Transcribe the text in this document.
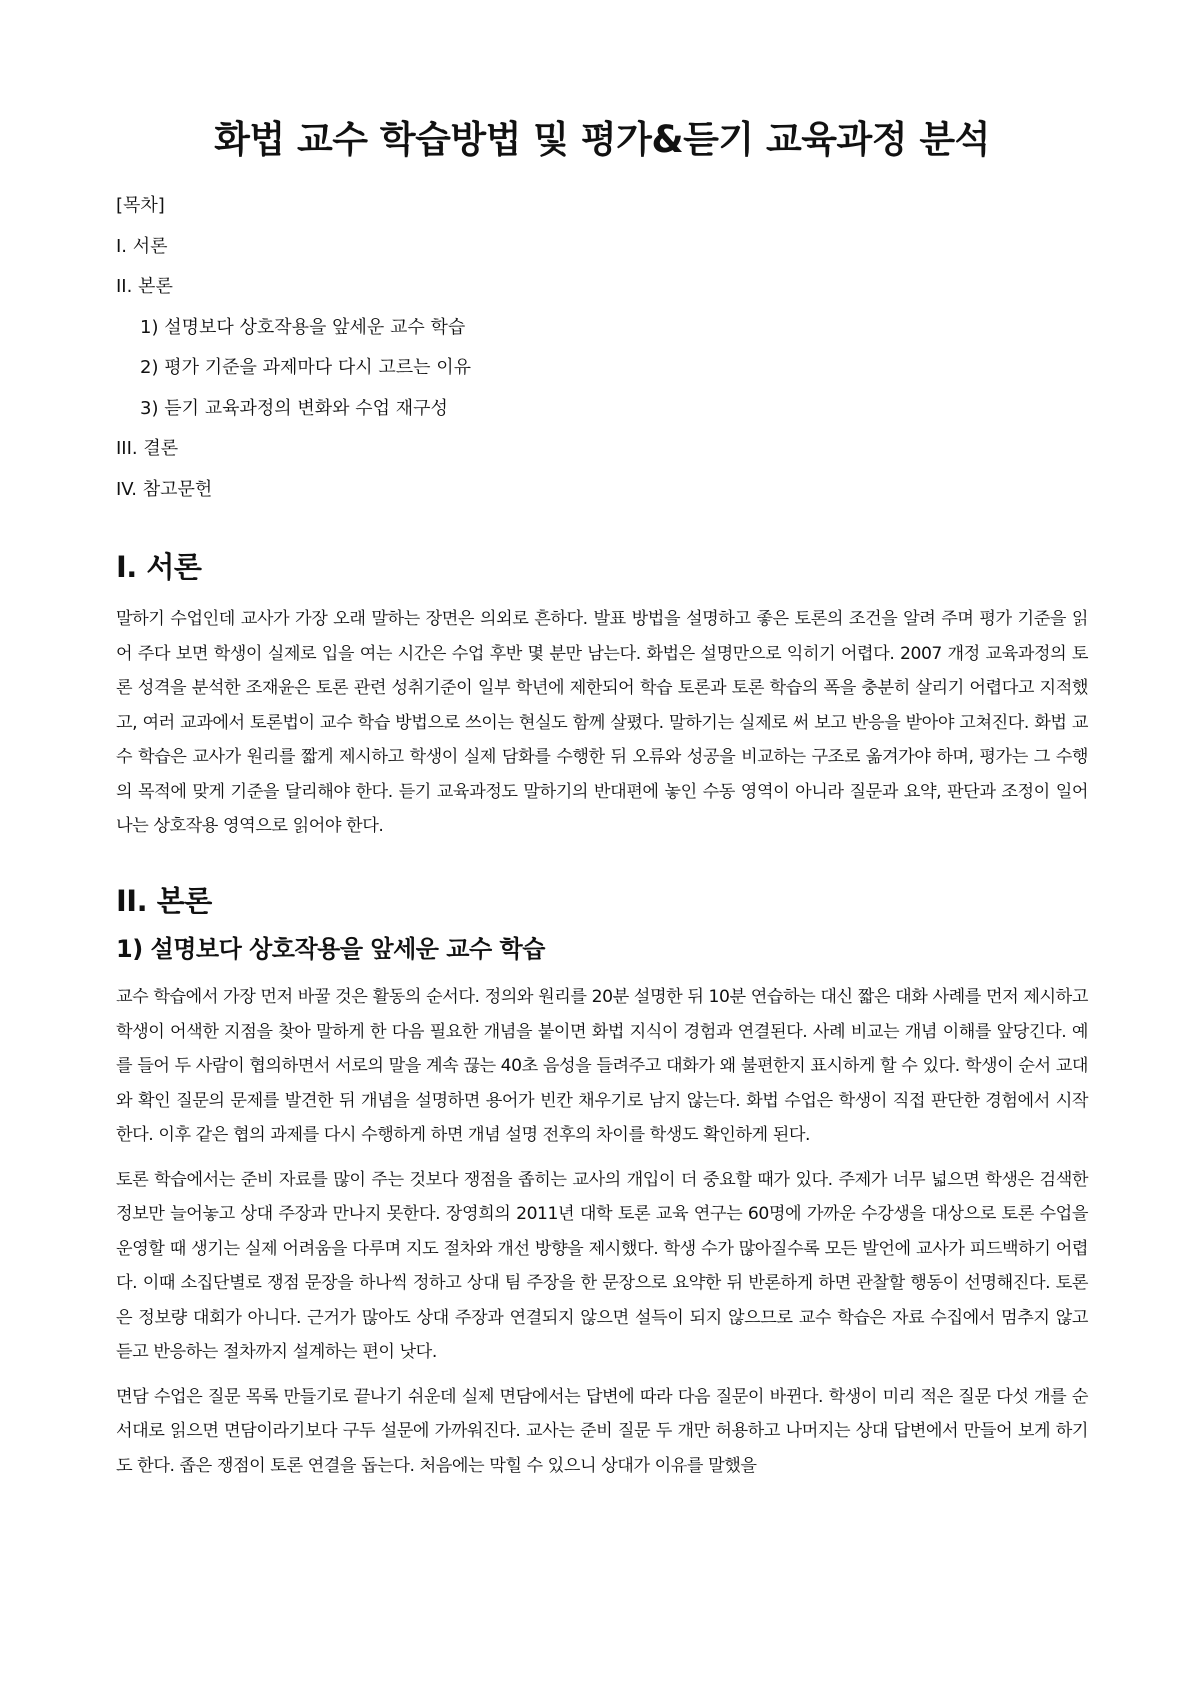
화법 교수 학습방법 및 평가&듣기 교육과정 분석
[목차]
I. 서론
II. 본론
1) 설명보다 상호작용을 앞세운 교수 학습
2) 평가 기준을 과제마다 다시 고르는 이유
3) 듣기 교육과정의 변화와 수업 재구성
III. 결론
IV. 참고문헌
I. 서론

말하기 수업인데 교사가 가장 오래 말하는 장면은 의외로 흔하다. 발표 방법을 설명하고 좋은 토론의 조건을 알려 주며 평가 기준을 읽어 주다 보면 학생이 실제로 입을 여는 시간은 수업 후반 몇 분만 남는다. 화법은 설명만으로 익히기 어렵다. 2007 개정 교육과정의 토론 성격을 분석한 조재윤은 토론 관련 성취기준이 일부 학년에 제한되어 학습 토론과 토론 학습의 폭을 충분히 살리기 어렵다고 지적했고, 여러 교과에서 토론법이 교수 학습 방법으로 쓰이는 현실도 함께 살폈다. 말하기는 실제로 써 보고 반응을 받아야 고쳐진다. 화법 교수 학습은 교사가 원리를 짧게 제시하고 학생이 실제 담화를 수행한 뒤 오류와 성공을 비교하는 구조로 옮겨가야 하며, 평가는 그 수행의 목적에 맞게 기준을 달리해야 한다. 듣기 교육과정도 말하기의 반대편에 놓인 수동 영역이 아니라 질문과 요약, 판단과 조정이 일어나는 상호작용 영역으로 읽어야 한다.

II. 본론
1) 설명보다 상호작용을 앞세운 교수 학습

교수 학습에서 가장 먼저 바꿀 것은 활동의 순서다. 정의와 원리를 20분 설명한 뒤 10분 연습하는 대신 짧은 대화 사례를 먼저 제시하고 학생이 어색한 지점을 찾아 말하게 한 다음 필요한 개념을 붙이면 화법 지식이 경험과 연결된다. 사례 비교는 개념 이해를 앞당긴다. 예를 들어 두 사람이 협의하면서 서로의 말을 계속 끊는 40초 음성을 들려주고 대화가 왜 불편한지 표시하게 할 수 있다. 학생이 순서 교대와 확인 질문의 문제를 발견한 뒤 개념을 설명하면 용어가 빈칸 채우기로 남지 않는다. 화법 수업은 학생이 직접 판단한 경험에서 시작한다. 이후 같은 협의 과제를 다시 수행하게 하면 개념 설명 전후의 차이를 학생도 확인하게 된다.

토론 학습에서는 준비 자료를 많이 주는 것보다 쟁점을 좁히는 교사의 개입이 더 중요할 때가 있다. 주제가 너무 넓으면 학생은 검색한 정보만 늘어놓고 상대 주장과 만나지 못한다. 장영희의 2011년 대학 토론 교육 연구는 60명에 가까운 수강생을 대상으로 토론 수업을 운영할 때 생기는 실제 어려움을 다루며 지도 절차와 개선 방향을 제시했다. 학생 수가 많아질수록 모든 발언에 교사가 피드백하기 어렵다. 이때 소집단별로 쟁점 문장을 하나씩 정하고 상대 팀 주장을 한 문장으로 요약한 뒤 반론하게 하면 관찰할 행동이 선명해진다. 토론은 정보량 대회가 아니다. 근거가 많아도 상대 주장과 연결되지 않으면 설득이 되지 않으므로 교수 학습은 자료 수집에서 멈추지 않고 듣고 반응하는 절차까지 설계하는 편이 낫다.

면담 수업은 질문 목록 만들기로 끝나기 쉬운데 실제 면담에서는 답변에 따라 다음 질문이 바뀐다. 학생이 미리 적은 질문 다섯 개를 순서대로 읽으면 면담이라기보다 구두 설문에 가까워진다. 교사는 준비 질문 두 개만 허용하고 나머지는 상대 답변에서 만들어 보게 하기도 한다. 좁은 쟁점이 토론 연결을 돕는다. 처음에는 막힐 수 있으니 상대가 이유를 말했을
